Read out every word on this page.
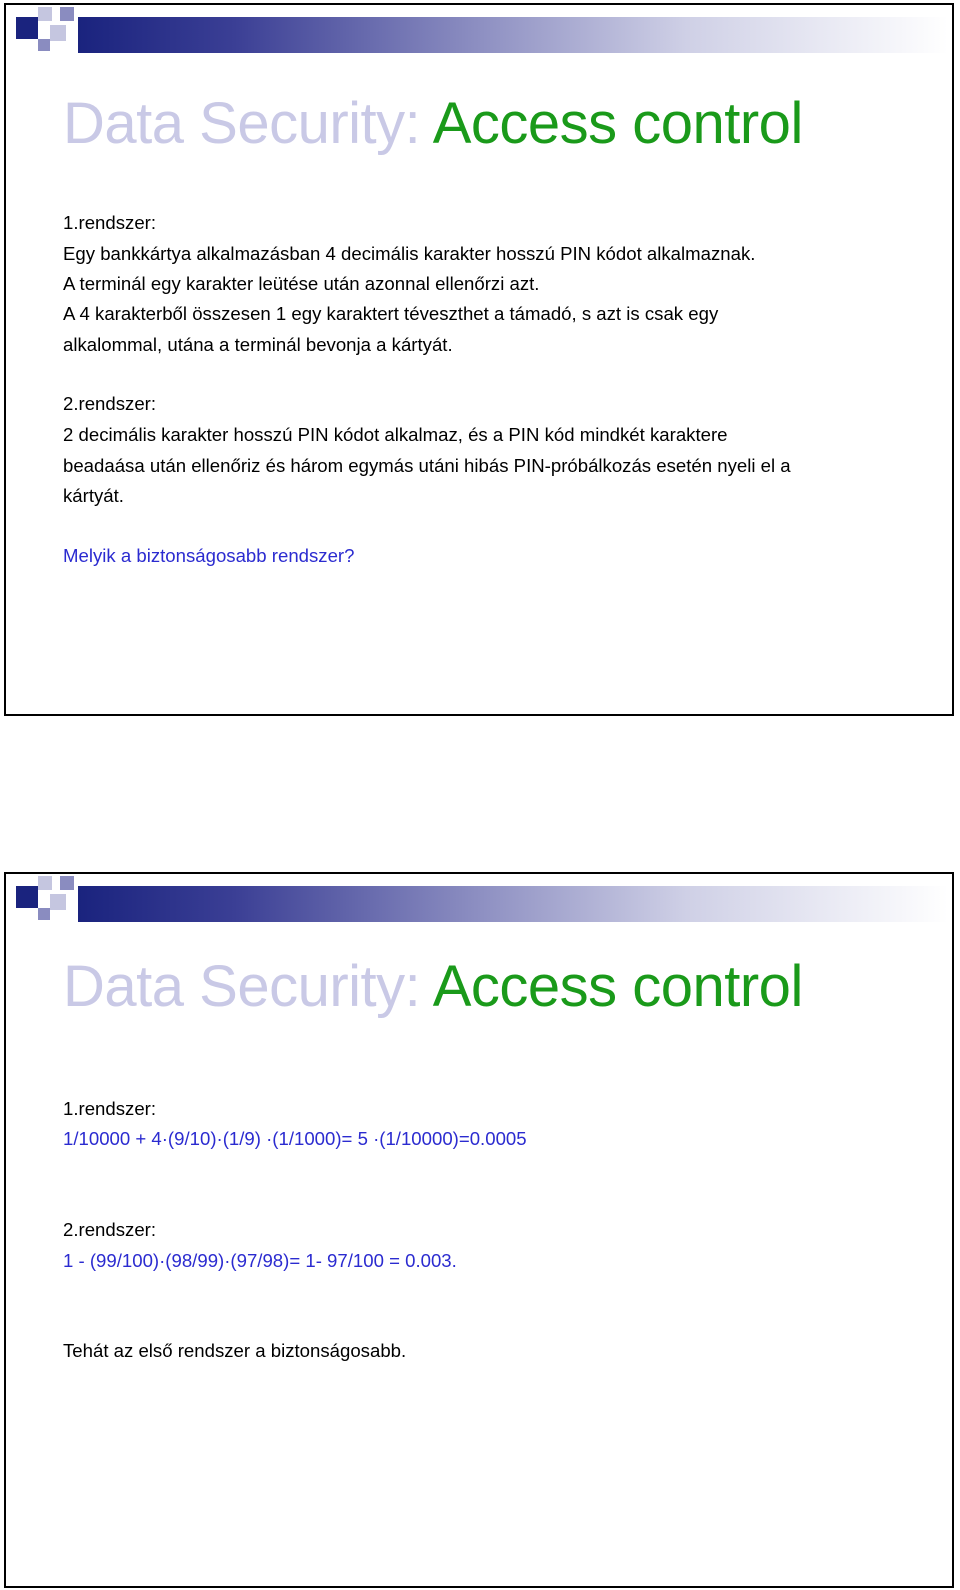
Data Security: Access control
1.rendszer:
Egy bankkártya alkalmazásban 4 decimális karakter hosszú PIN kódot alkalmaznak.
A terminál egy karakter leütése után azonnal ellenőrzi azt.
A 4 karakterből összesen 1 egy karaktert téveszthet a támadó, s azt is csak egy
alkalommal, utána a terminál bevonja a kártyát.
2.rendszer:
2 decimális karakter hosszú PIN kódot alkalmaz, és a PIN kód mindkét karaktere
beadaása után ellenőriz és három egymás utáni hibás PIN-próbálkozás esetén nyeli el a
kártyát.
Melyik a biztonságosabb rendszer?
Data Security: Access control
1.rendszer:
1/10000 + 4·(9/10)·(1/9) ·(1/1000)= 5 ·(1/10000)=0.0005
2.rendszer:
1 - (99/100)·(98/99)·(97/98)= 1- 97/100 = 0.003.
Tehát az első rendszer a biztonságosabb.
